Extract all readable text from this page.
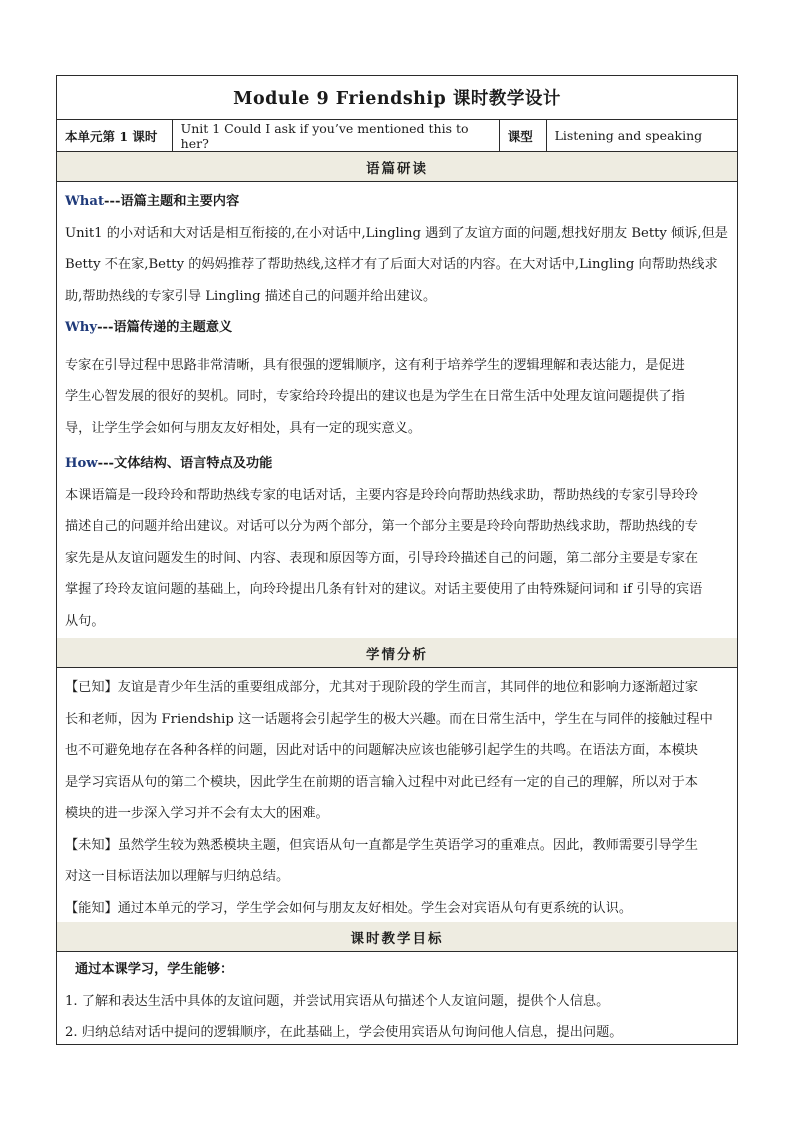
Module 9 Friendship 课时教学设计
本单元第 1 课时
Unit 1 Could I ask if you’ve mentioned this to her?	课型	Listening and speaking
语篇研读

What---语篇主题和主要内容

Unit1 的小对话和大对话是相互衔接的,在小对话中,Lingling 遇到了友谊方面的问题,想找好朋友 Betty 倾诉,但是

Betty 不在家,Betty 的妈妈推荐了帮助热线,这样才有了后面大对话的内容。在大对话中,Lingling 向帮助热线求

助,帮助热线的专家引导 Lingling 描述自己的问题并给出建议。

Why---语篇传递的主题意义

专家在引导过程中思路非常清晰，具有很强的逻辑顺序，这有利于培养学生的逻辑理解和表达能力，是促进

学生心智发展的很好的契机。同时，专家给玲玲提出的建议也是为学生在日常生活中处理友谊问题提供了指

导，让学生学会如何与朋友友好相处，具有一定的现实意义。

How---文体结构、语言特点及功能

本课语篇是一段玲玲和帮助热线专家的电话对话，主要内容是玲玲向帮助热线求助，帮助热线的专家引导玲玲

描述自己的问题并给出建议。对话可以分为两个部分，第一个部分主要是玲玲向帮助热线求助，帮助热线的专

家先是从友谊问题发生的时间、内容、表现和原因等方面，引导玲玲描述自己的问题，第二部分主要是专家在

掌握了玲玲友谊问题的基础上，向玲玲提出几条有针对的建议。对话主要使用了由特殊疑问词和 if 引导的宾语

从句。

学情分析

【已知】友谊是青少年生活的重要组成部分，尤其对于现阶段的学生而言，其同伴的地位和影响力逐渐超过家

长和老师，因为 Friendship 这一话题将会引起学生的极大兴趣。而在日常生活中，学生在与同伴的接触过程中

也不可避免地存在各种各样的问题，因此对话中的问题解决应该也能够引起学生的共鸣。在语法方面，本模块

是学习宾语从句的第二个模块，因此学生在前期的语言输入过程中对此已经有一定的自己的理解，所以对于本

模块的进一步深入学习并不会有太大的困难。

【未知】虽然学生较为熟悉模块主题，但宾语从句一直都是学生英语学习的重难点。因此，教师需要引导学生

对这一目标语法加以理解与归纳总结。

【能知】通过本单元的学习，学生学会如何与朋友友好相处。学生会对宾语从句有更系统的认识。

课时教学目标

通过本课学习，学生能够：

1. 了解和表达生活中具体的友谊问题，并尝试用宾语从句描述个人友谊问题，提供个人信息。

2. 归纳总结对话中提问的逻辑顺序，在此基础上，学会使用宾语从句询问他人信息，提出问题。
